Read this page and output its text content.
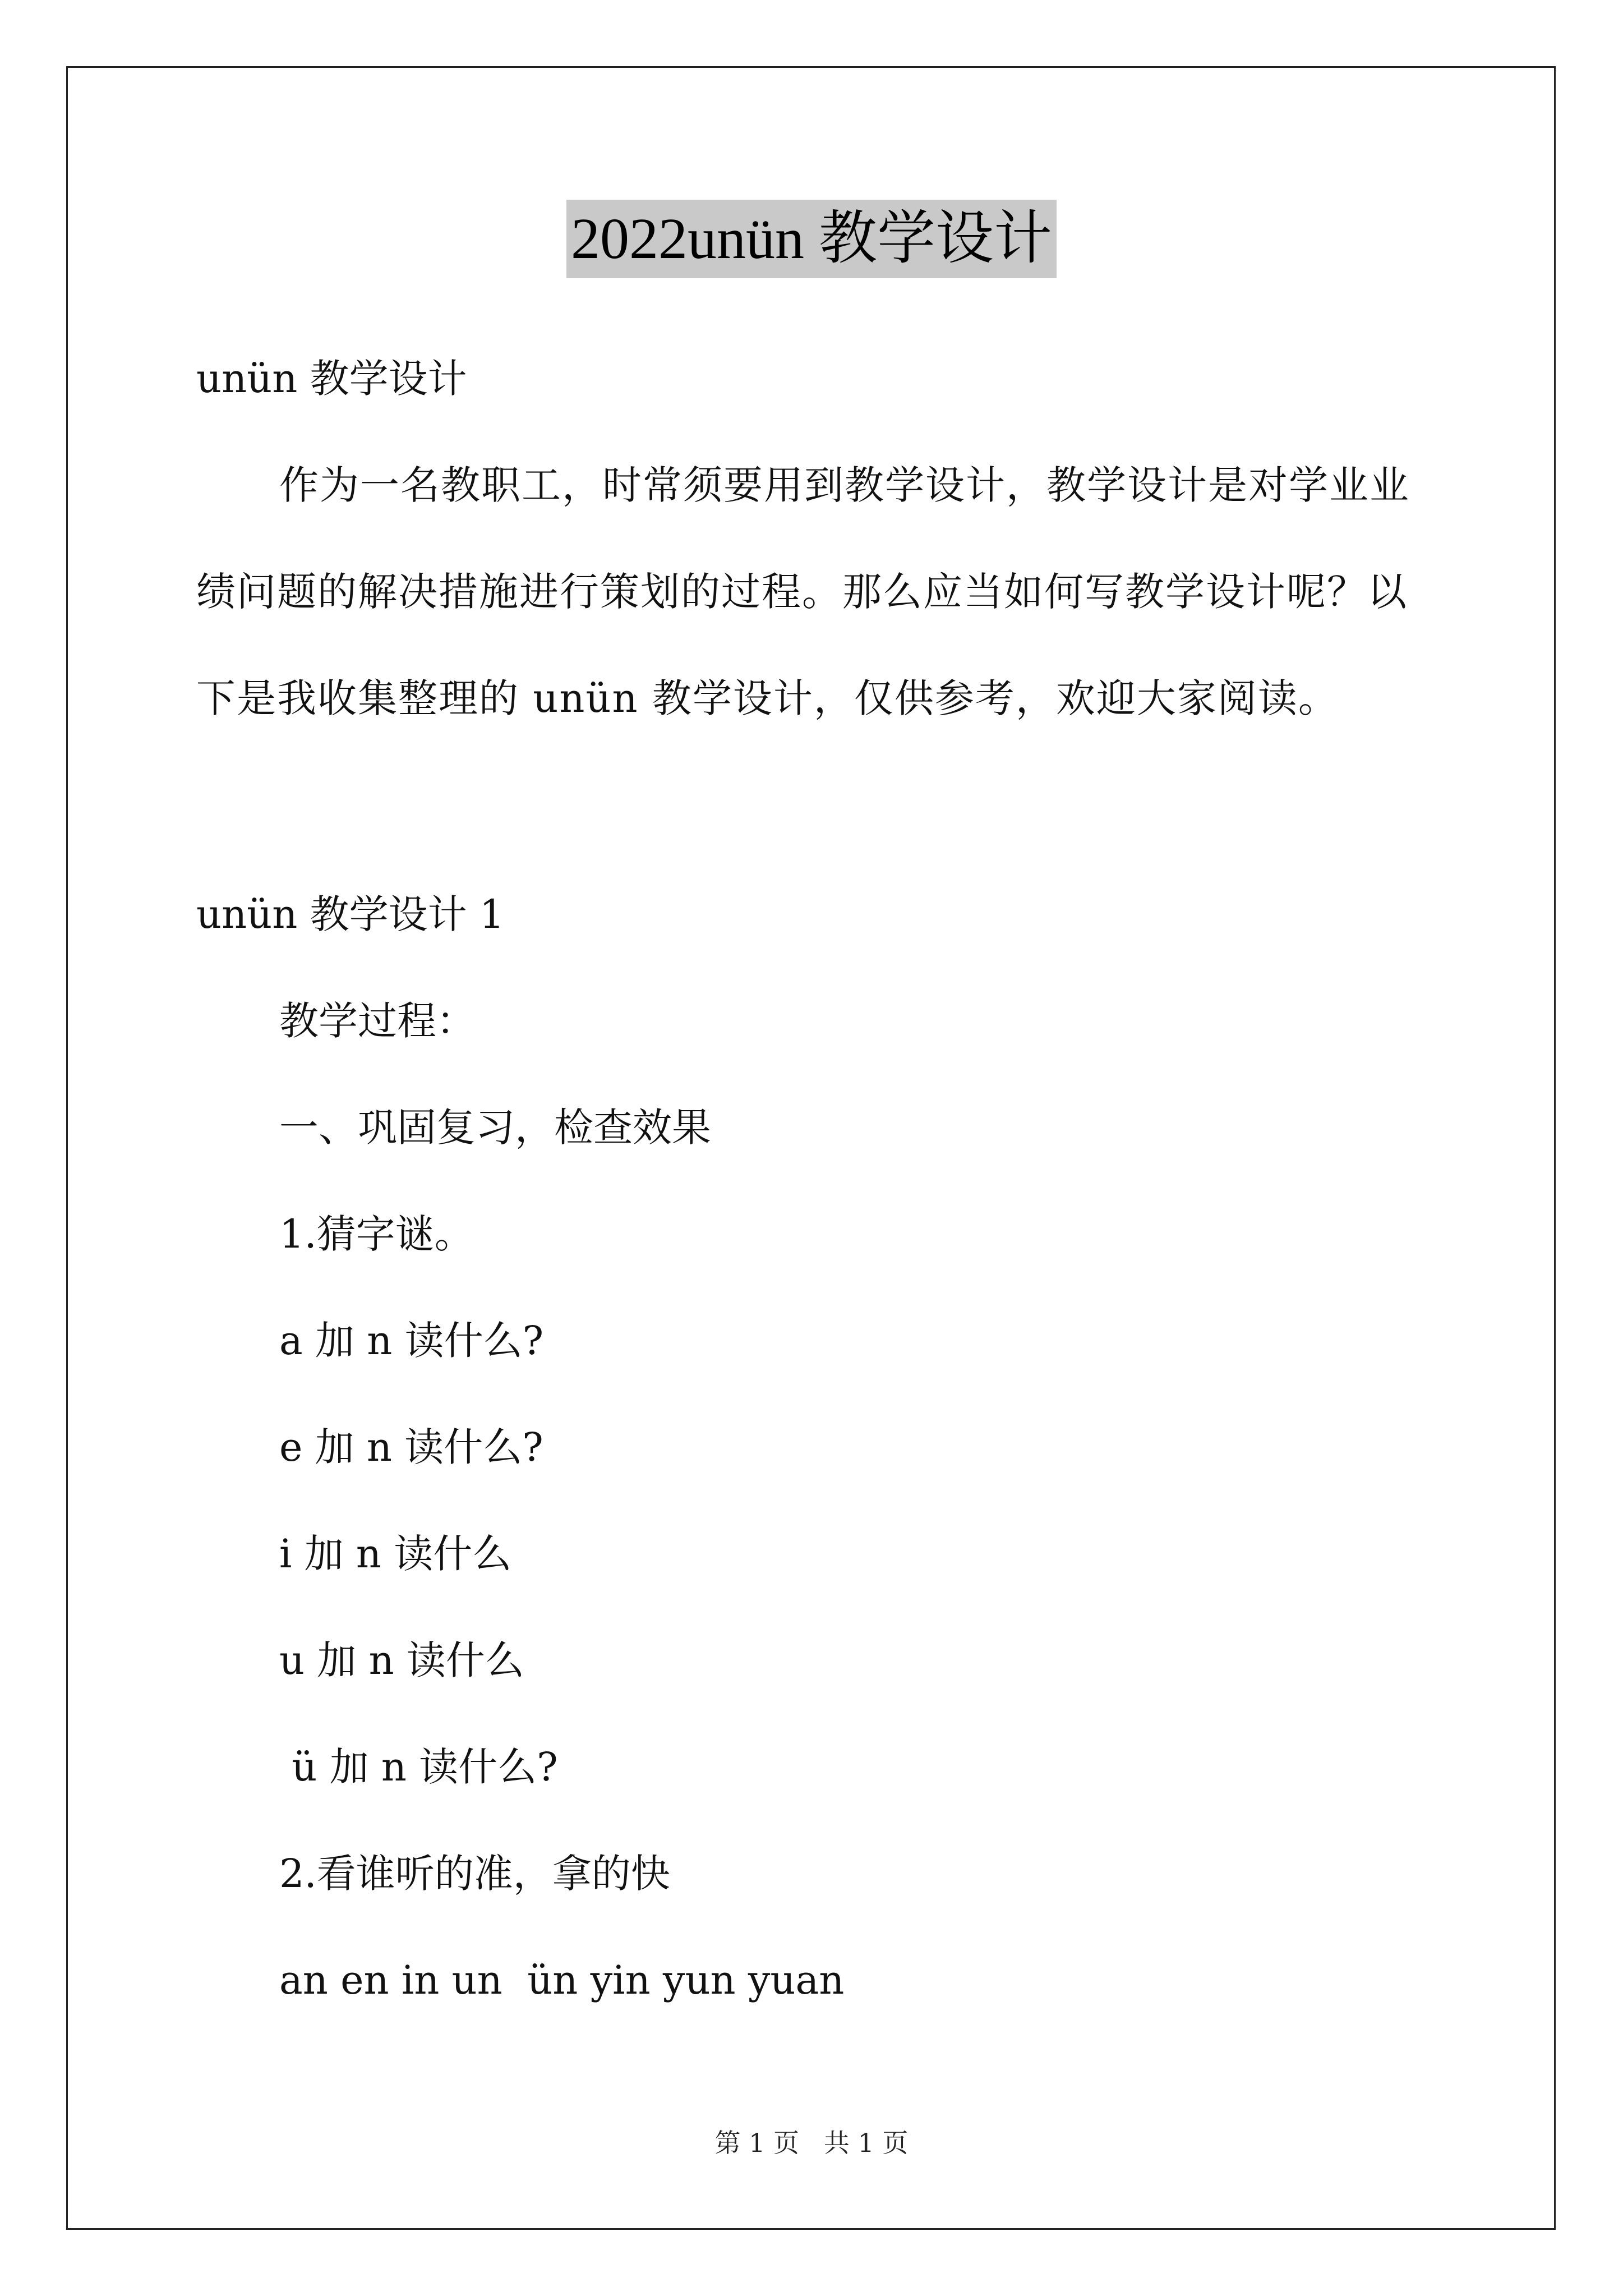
2022unün 教学设计
unün 教学设计
作为一名教职工，时常须要用到教学设计，教学设计是对学业业
绩问题的解决措施进行策划的过程。那么应当如何写教学设计呢？以
下是我收集整理的 unün 教学设计，仅供参考，欢迎大家阅读。
unün 教学设计 1
教学过程：
一、巩固复习，检查效果
1.猜字谜。
a 加 n 读什么?
e 加 n 读什么?
i 加 n 读什么
u 加 n 读什么
ü 加 n 读什么?
2.看谁听的准，拿的快
an en in un  ün yin yun yuan
第 1 页   共 1 页
